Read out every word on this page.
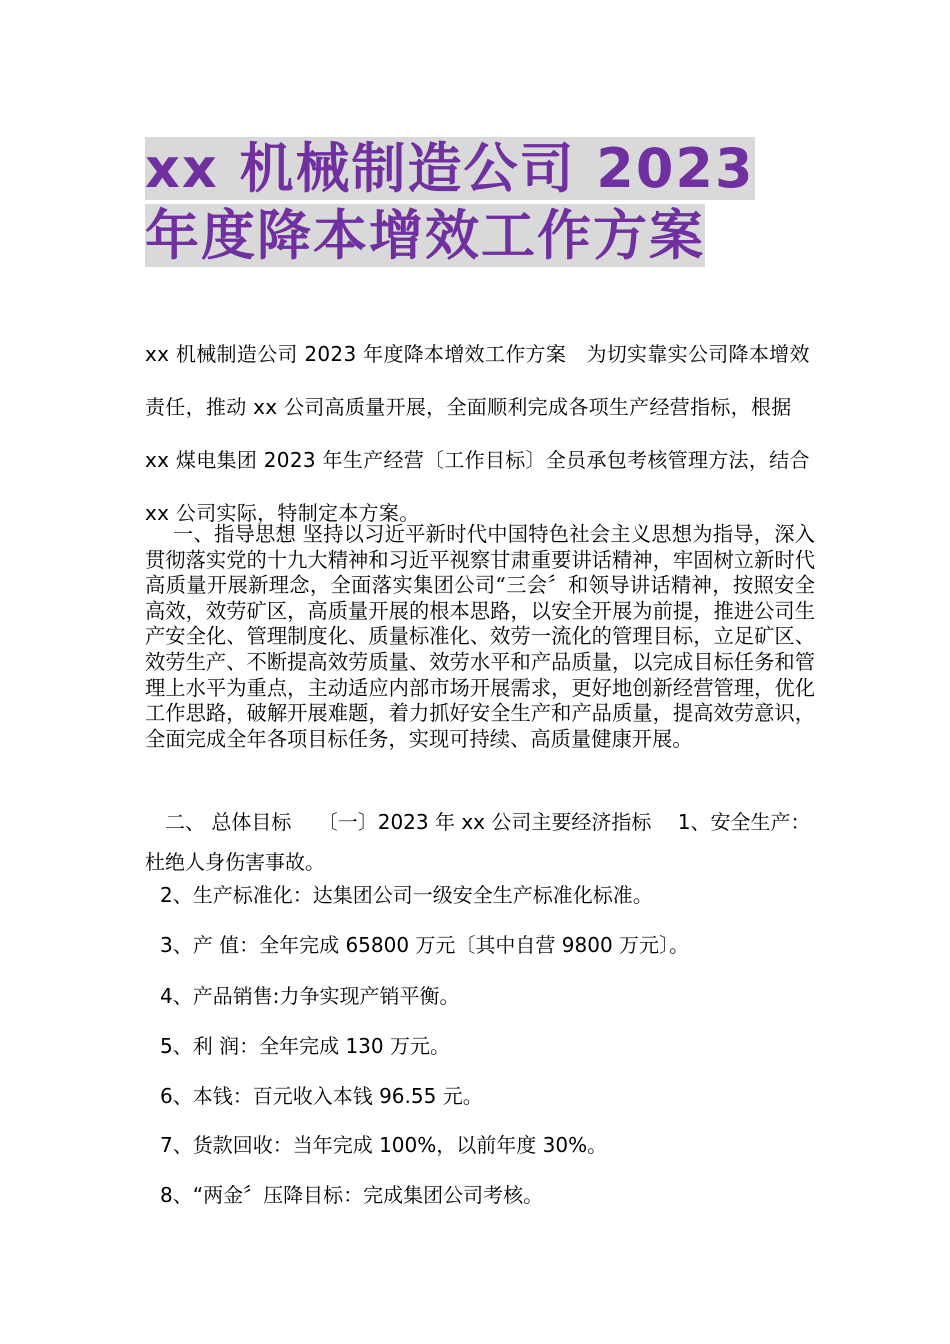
xx 机械制造公司 2023 年度降本增效工作方案

xx 机械制造公司 2023 年度降本增效工作方案　为切实靠实公司降本增效责任，推动 xx 公司高质量开展，全面顺利完成各项生产经营指标，根据 xx 煤电集团 2023 年生产经营〔工作目标〕全员承包考核管理方法，结合 xx 公司实际，特制定本方案。

一、指导思想 坚持以习近平新时代中国特色社会主义思想为指导，深入贯彻落实党的十九大精神和习近平视察甘肃重要讲话精神，牢固树立新时代高质量开展新理念，全面落实集团公司“三会〞和领导讲话精神，按照安全高效，效劳矿区，高质量开展的根本思路，以安全开展为前提，推进公司生产安全化、管理制度化、质量标准化、效劳一流化的管理目标，立足矿区、效劳生产、不断提高效劳质量、效劳水平和产品质量，以完成目标任务和管理上水平为重点，主动适应内部市场开展需求，更好地创新经营管理，优化工作思路，破解开展难题，着力抓好安全生产和产品质量，提高效劳意识，全面完成全年各项目标任务，实现可持续、高质量健康开展。

　二、 总体目标　 〔一〕2023 年 xx 公司主要经济指标　 1、安全生产：杜绝人身伤害事故。

2、生产标准化：达集团公司一级安全生产标准化标准。

3、产 值：全年完成 65800 万元〔其中自营 9800 万元〕。

4、产品销售:力争实现产销平衡。

5、利 润：全年完成 130 万元。

6、本钱：百元收入本钱 96.55 元。

7、货款回收：当年完成 100%，以前年度 30%。

8、“两金〞压降目标：完成集团公司考核。
